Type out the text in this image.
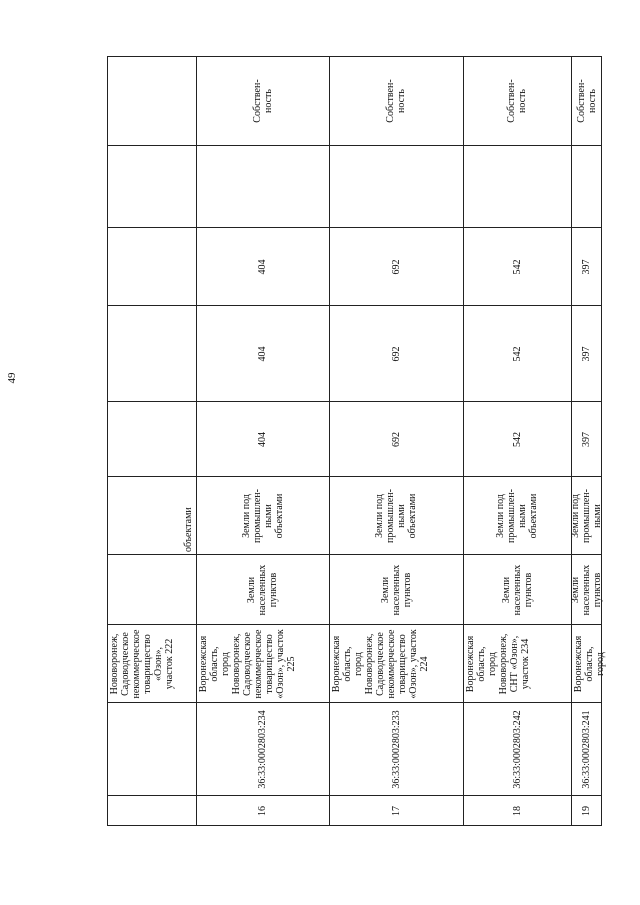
49
Нововоронеж, Садоводческое некоммерческое товарищество «Озон», участок 222
объектами
16
36:33:0002803:234
Воронежская область, город Нововоронеж, Садоводческое некоммерческое товарищество «Озон», участок 225
Земли населенных пунктов
Земли под промышлен- ными объектами
404
404
404
Собствен- ность
17
36:33:0002803:233
Воронежская область, город Нововоронеж, Садоводческое некоммерческое товарищество «Озон», участок 224
Земли населенных пунктов
Земли под промышлен- ными объектами
692
692
692
Собствен- ность
18
36:33:0002803:242
Воронежская область, город Нововоронеж, СНТ «Озон», участок 234
Земли населенных пунктов
Земли под промышлен- ными объектами
542
542
542
Собствен- ность
19
36:33:0002803:241
Воронежская область, город
Земли населенных пунктов
Земли под промышлен- ными
397
397
397
Собствен- ность
